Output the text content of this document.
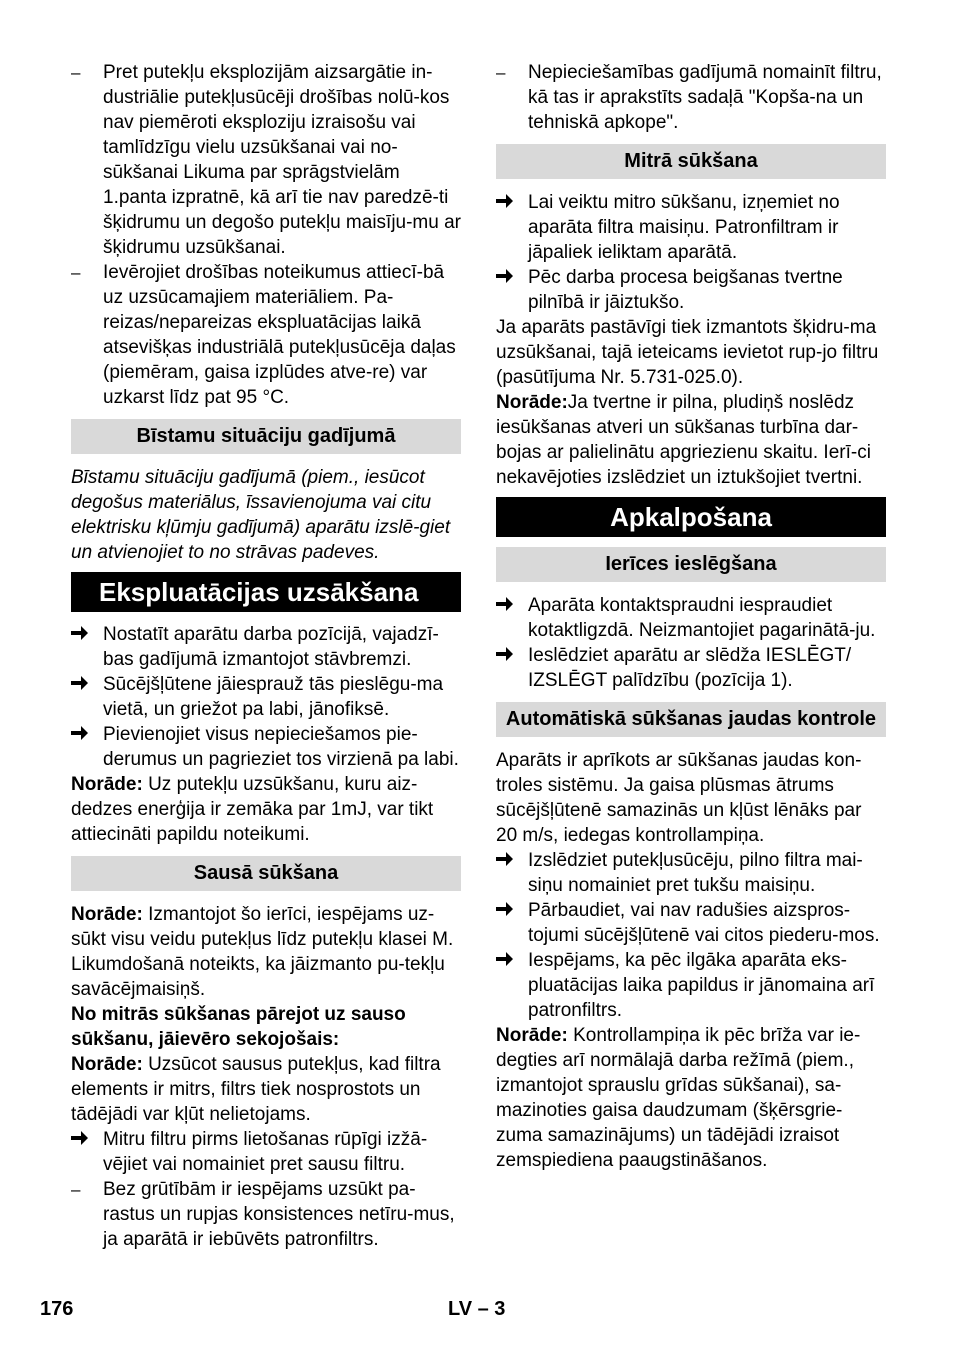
–	Pret putekļu eksplozijām aizsargātie in-dustriālie putekļusūcēji drošības nolū-kos nav piemēroti eksploziju izraisošu vai tamlīdzīgu vielu uzsūkšanai vai no-sūkšanai Likuma par sprāgstvielām 1.panta izpratnē, kā arī tie nav paredzē-ti šķidrumu un degošo putekļu maisīju-mu ar šķidrumu uzsūkšanai.
–	Ievērojiet drošības noteikumus attiecī-bā uz uzsūcamajiem materiāliem. Pa-reizas/nepareizas ekspluatācijas laikā atsevišķas industriālā putekļusūcēja daļas (piemēram, gaisa izplūdes atve-re) var uzkarst līdz pat 95 °C.
Bīstamu situāciju gadījumā

Bīstamu situāciju gadījumā (piem., iesūcot degošus materiālus, īssavienojuma vai citu elektrisku kļūmju gadījumā) aparātu izslē-giet un atvienojiet to no strāvas padeves.

Ekspluatācijas uzsākšana
Nostatīt aparātu darba pozīcijā, vajadzī-bas gadījumā izmantojot stāvbremzi.
Sūcējšļūtene jāiesprauž tās pieslēgu-ma vietā, un griežot pa labi, jānofiksē.
Pievienojiet visus nepieciešamos pie-derumus un pagrieziet tos virzienā pa labi.

Norāde: Uz putekļu uzsūkšanu, kuru aiz-dedzes enerģija ir zemāka par 1mJ, var tikt attiecināti papildu noteikumi.

Sausā sūkšana

Norāde: Izmantojot šo ierīci, iespējams uz-sūkt visu veidu putekļus līdz putekļu klasei M. Likumdošanā noteikts, ka jāizmanto pu-tekļu savācējmaisiņš.

No mitrās sūkšanas pārejot uz sauso sūkšanu, jāievēro sekojošais:

Norāde: Uzsūcot sausus putekļus, kad filtra elements ir mitrs, filtrs tiek nosprostots un tādējādi var kļūt nelietojams.

Mitru filtru pirms lietošanas rūpīgi izžā-vējiet vai nomainiet pret sausu filtru.
–	Bez grūtībām ir iespējams uzsūkt pa-rastus un rupjas konsistences netīru-mus, ja aparātā ir iebūvēts patronfiltrs.
–	Nepieciešamības gadījumā nomainīt filtru, kā tas ir aprakstīts sadaļā "Kopša-na un tehniskā apkope".
Mitrā sūkšana
Lai veiktu mitro sūkšanu, izņemiet no aparāta filtra maisiņu. Patronfiltram ir jāpaliek ieliktam aparātā.
Pēc darba procesa beigšanas tvertne pilnībā ir jāiztukšo.

Ja aparāts pastāvīgi tiek izmantots šķidru-ma uzsūkšanai, tajā ieteicams ievietot rup-jo filtru (pasūtījuma Nr. 5.731-025.0).

Norāde:Ja tvertne ir pilna, pludiņš noslēdz iesūkšanas atveri un sūkšanas turbīna dar-bojas ar palielinātu apgriezienu skaitu. Ierī-ci nekavējoties izslēdziet un iztukšojiet tvertni.

Apkalpošana
Ierīces ieslēgšana
Aparāta kontaktspraudni iespraudiet kotaktligzdā. Neizmantojiet pagarinātā-ju.
Ieslēdziet aparātu ar slēdža IESLĒGT/ IZSLĒGT palīdzību (pozīcija 1).
Automātiskā sūkšanas jaudas kontrole

Aparāts ir aprīkots ar sūkšanas jaudas kon-troles sistēmu. Ja gaisa plūsmas ātrums sūcējšļūtenē samazinās un kļūst lēnāks par 20 m/s, iedegas kontrollampiņa.

Izslēdziet putekļusūcēju, pilno filtra mai-siņu nomainiet pret tukšu maisiņu.
Pārbaudiet, vai nav radušies aizspros-tojumi sūcējšļūtenē vai citos piederu-mos.
Iespējams, ka pēc ilgāka aparāta eks-pluatācijas laika papildus ir jānomaina arī patronfiltrs.

Norāde: Kontrollampiņa ik pēc brīža var ie-degties arī normālajā darba režīmā (piem., izmantojot sprauslu grīdas sūkšanai), sa-mazinoties gaisa daudzumam (šķērsgrie-zuma samazinājums) un tādējādi izraisot zemspiediena paaugstināšanos.

176	LV – 3
